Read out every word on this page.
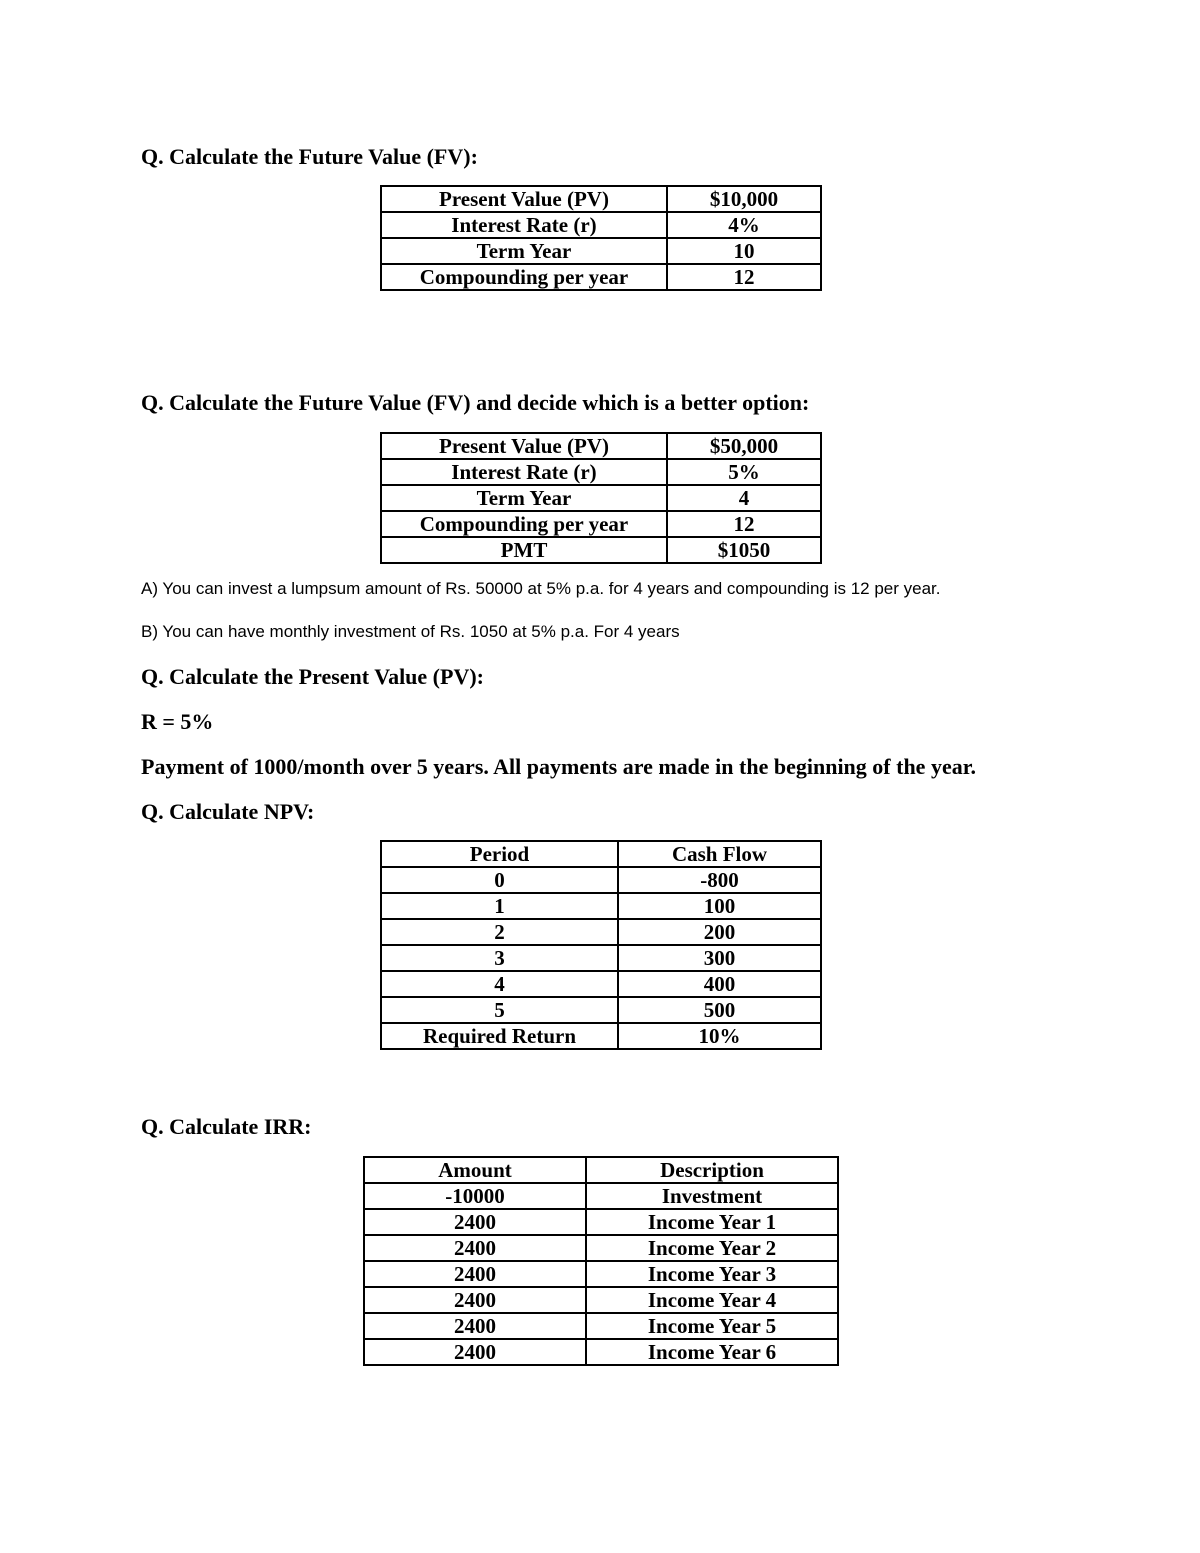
Q. Calculate the Future Value (FV):
Present Value (PV)	$10,000
Interest Rate (r)	4%
Term Year	10
Compounding per year	12
Q. Calculate the Future Value (FV) and decide which is a better option:
Present Value (PV)	$50,000
Interest Rate (r)	5%
Term Year	4
Compounding per year	12
PMT	$1050
A) You can invest a lumpsum amount of Rs. 50000 at 5% p.a. for 4 years and compounding is 12 per year.
B) You can have monthly investment of Rs. 1050 at 5% p.a. For 4 years
Q. Calculate the Present Value (PV):
R = 5%
Payment of 1000/month over 5 years. All payments are made in the beginning of the year.
Q. Calculate NPV:
Period	Cash Flow
0	-800
1	100
2	200
3	300
4	400
5	500
Required Return	10%
Q. Calculate IRR:
Amount	Description
-10000	Investment
2400	Income Year 1
2400	Income Year 2
2400	Income Year 3
2400	Income Year 4
2400	Income Year 5
2400	Income Year 6
